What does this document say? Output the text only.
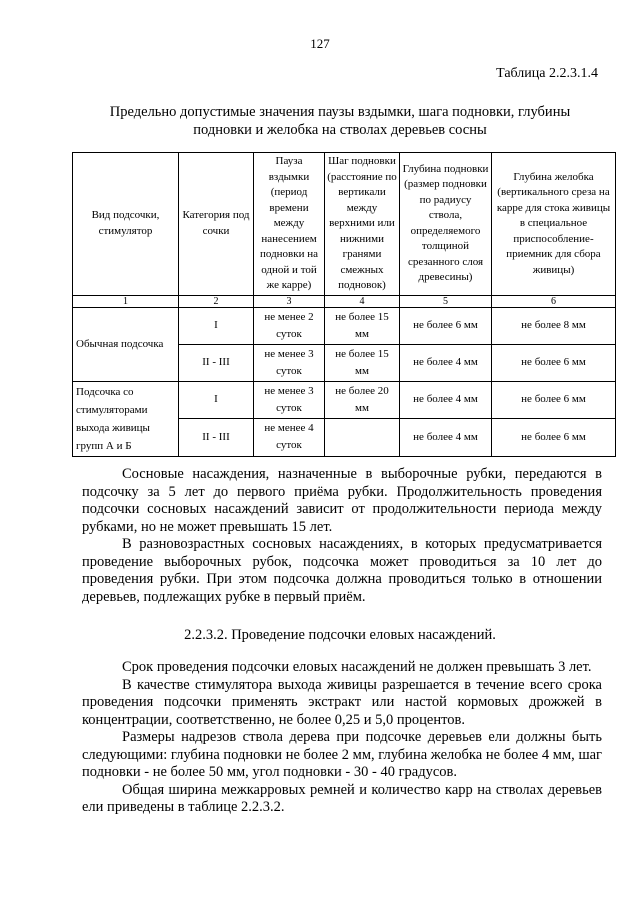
127
Таблица 2.2.3.1.4
Предельно допустимые значения паузы вздымки, шага подновки, глубины подновки и желобка на стволах деревьев сосны
Вид подсочки, стимулятор	Категория под сочки	Пауза вздымки (период времени между нанесением подновки на одной и той же карре)	Шаг подновки (расстояние по вертикали между верхними или нижними гранями смежных подновок)	Глубина подновки (размер подновки по радиусу ствола, определяемого толщиной срезанного слоя древесины)	Глубина желобка (вертикального среза на карре для стока живицы в специальное приспособление-приемник для сбора живицы)
1	2	3	4	5	6
Обычная подсочка	I	не менее 2 суток	не более 15 мм	не более 6 мм	не более 8 мм
	II - III	не менее 3 суток	не более 15 мм	не более 4 мм	не более 6 мм
Подсочка со стимуляторами выхода живицы групп А и Б	I	не менее 3 суток	не более 20 мм	не более 4 мм	не более 6 мм
	II - III	не менее 4 суток		не более 4 мм	не более 6 мм

Сосновые насаждения, назначенные в выборочные рубки, передаются в подсочку за 5 лет до первого приёма рубки. Продолжительность проведения подсочки сосновых насаждений зависит от продолжительности периода между рубками, но не может превышать 15 лет.

В разновозрастных сосновых насаждениях, в которых предусматривается проведение выборочных рубок, подсочка может проводиться за 10 лет до проведения рубки. При этом подсочка должна проводиться только в отношении деревьев, подлежащих рубке в первый приём.

2.2.3.2. Проведение подсочки еловых насаждений.

Срок проведения подсочки еловых насаждений не должен превышать 3 лет.

В качестве стимулятора выхода живицы разрешается в течение всего срока проведения подсочки применять экстракт или настой кормовых дрожжей в концентрации, соответственно, не более 0,25 и 5,0 процентов.

Размеры надрезов ствола дерева при подсочке деревьев ели должны быть следующими: глубина подновки не более 2 мм, глубина желобка не более 4 мм, шаг подновки - не более 50 мм, угол подновки - 30 - 40 градусов.

Общая ширина межкарровых ремней и количество карр на стволах деревьев ели приведены в таблице 2.2.3.2.
